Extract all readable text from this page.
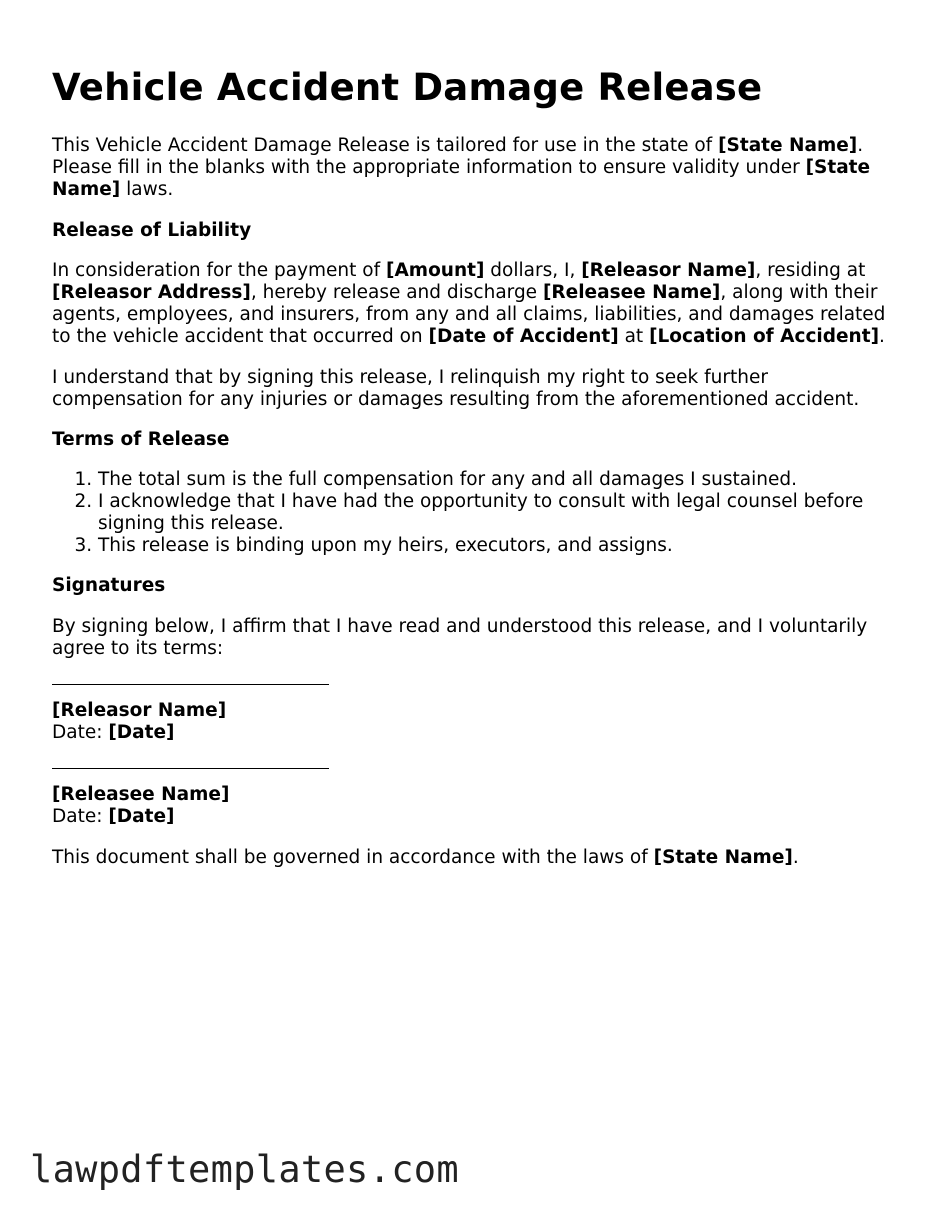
Vehicle Accident Damage Release

This Vehicle Accident Damage Release is tailored for use in the state of [State Name]. Please fill in the blanks with the appropriate information to ensure validity under [State Name] laws.

Release of Liability

In consideration for the payment of [Amount] dollars, I, [Releasor Name], residing at [Releasor Address], hereby release and discharge [Releasee Name], along with their agents, employees, and insurers, from any and all claims, liabilities, and damages related to the vehicle accident that occurred on [Date of Accident] at [Location of Accident].

I understand that by signing this release, I relinquish my right to seek further compensation for any injuries or damages resulting from the aforementioned accident.

Terms of Release
1. The total sum is the full compensation for any and all damages I sustained.
2. I acknowledge that I have had the opportunity to consult with legal counsel before signing this release.
3. This release is binding upon my heirs, executors, and assigns.
Signatures

By signing below, I affirm that I have read and understood this release, and I voluntarily agree to its terms:

[Releasor Name]
Date: [Date]

[Releasee Name]
Date: [Date]

This document shall be governed in accordance with the laws of [State Name].

lawpdftemplates.com
